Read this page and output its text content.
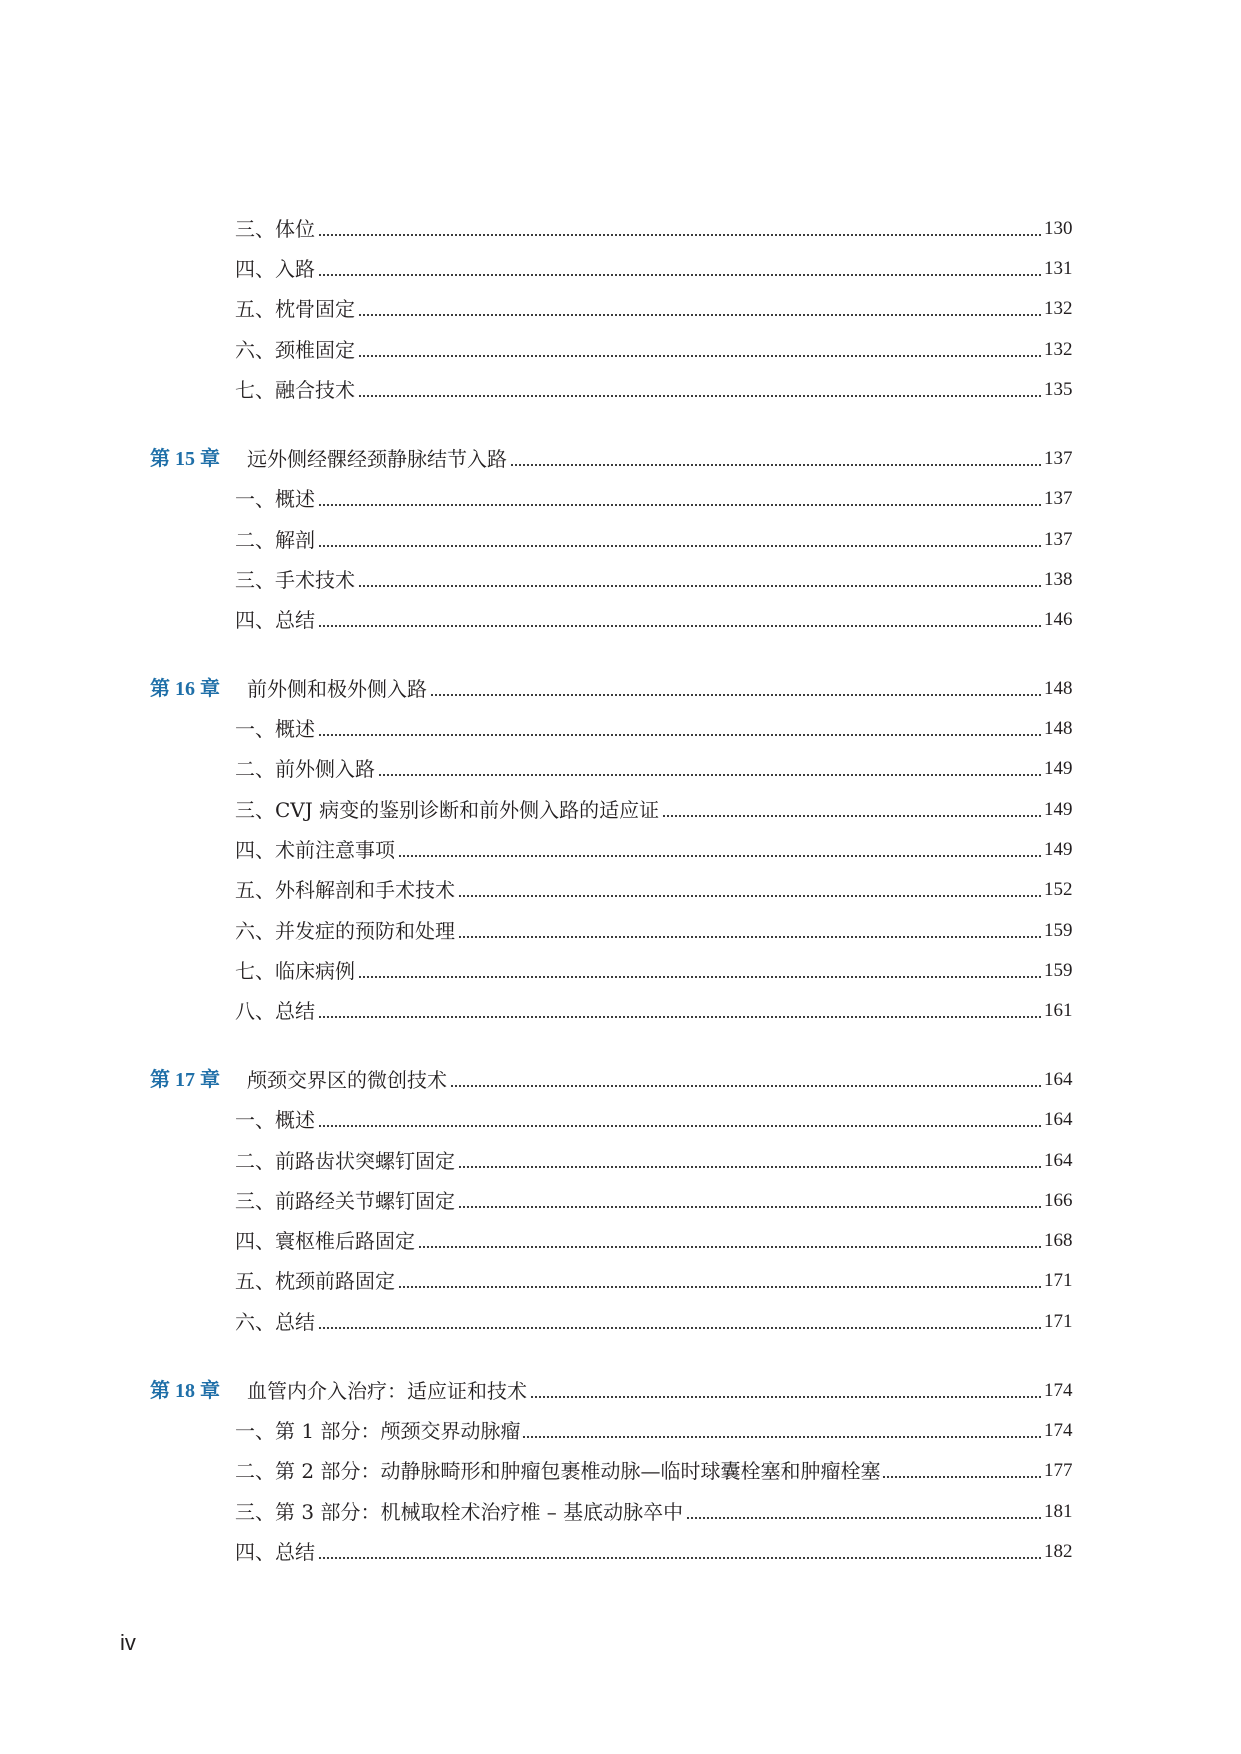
三、体位	130
四、入路	131
五、枕骨固定	132
六、颈椎固定	132
七、融合技术	135
第 15 章 远外侧经髁经颈静脉结节入路	137
一、概述	137
二、解剖	137
三、手术技术	138
四、总结	146
第 16 章 前外侧和极外侧入路	148
一、概述	148
二、前外侧入路	149
三、CVJ 病变的鉴别诊断和前外侧入路的适应证	149
四、术前注意事项	149
五、外科解剖和手术技术	152
六、并发症的预防和处理	159
七、临床病例	159
八、总结	161
第 17 章 颅颈交界区的微创技术	164
一、概述	164
二、前路齿状突螺钉固定	164
三、前路经关节螺钉固定	166
四、寰枢椎后路固定	168
五、枕颈前路固定	171
六、总结	171
第 18 章 血管内介入治疗：适应证和技术	174
一、第 1 部分：颅颈交界动脉瘤	174
二、第 2 部分：动静脉畸形和肿瘤包裹椎动脉—临时球囊栓塞和肿瘤栓塞	177
三、第 3 部分：机械取栓术治疗椎 – 基底动脉卒中	181
四、总结	182
iv
